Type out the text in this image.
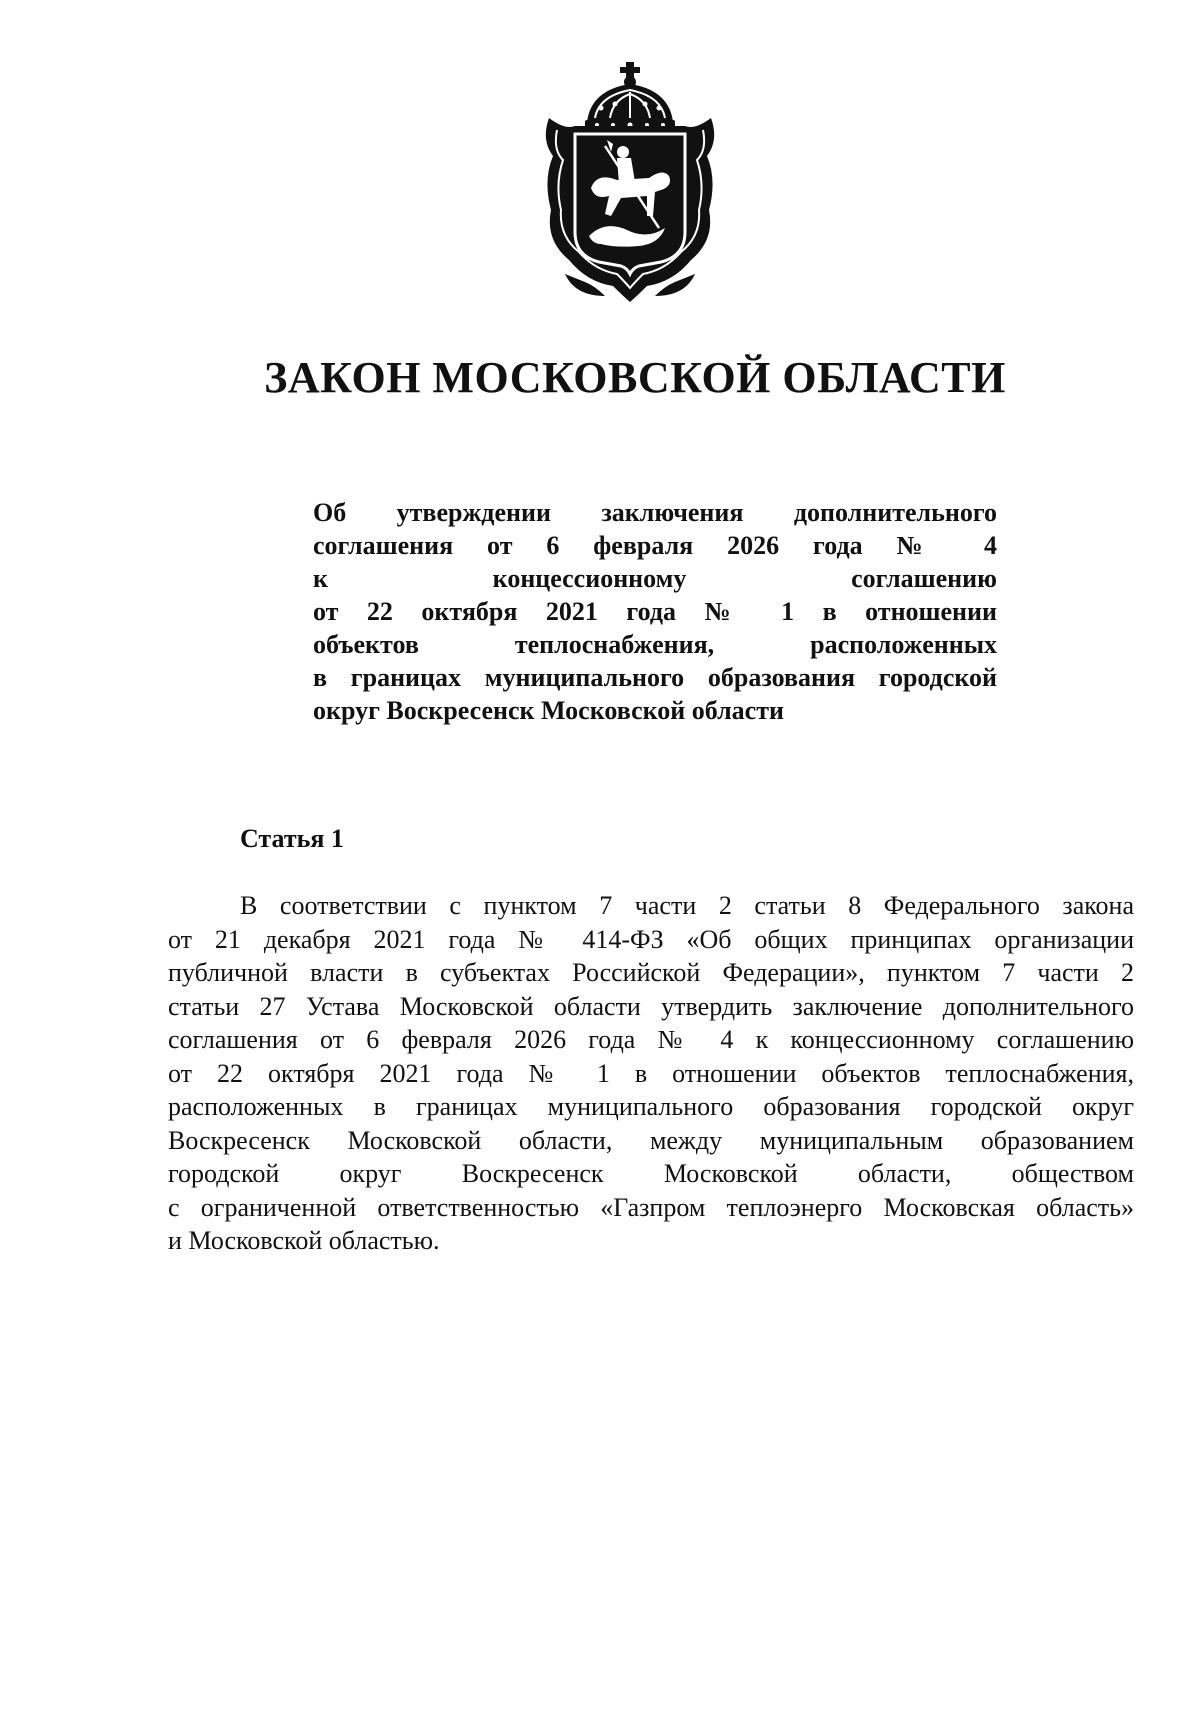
ЗАКОН МОСКОВСКОЙ ОБЛАСТИ
Об утверждении заключения дополнительного
соглашения от 6 февраля 2026 года № 4
к концессионному соглашению
от 22 октября 2021 года № 1 в отношении
объектов теплоснабжения, расположенных
в границах муниципального образования городской
округ Воскресенск Московской области
Статья 1
В соответствии с пунктом 7 части 2 статьи 8 Федерального закона
от 21 декабря 2021 года № 414-ФЗ «Об общих принципах организации
публичной власти в субъектах Российской Федерации», пунктом 7 части 2
статьи 27 Устава Московской области утвердить заключение дополнительного
соглашения от 6 февраля 2026 года № 4 к концессионному соглашению
от 22 октября 2021 года № 1 в отношении объектов теплоснабжения,
расположенных в границах муниципального образования городской округ
Воскресенск Московской области, между муниципальным образованием
городской округ Воскресенск Московской области, обществом
с ограниченной ответственностью «Газпром теплоэнерго Московская область»
и Московской областью.
